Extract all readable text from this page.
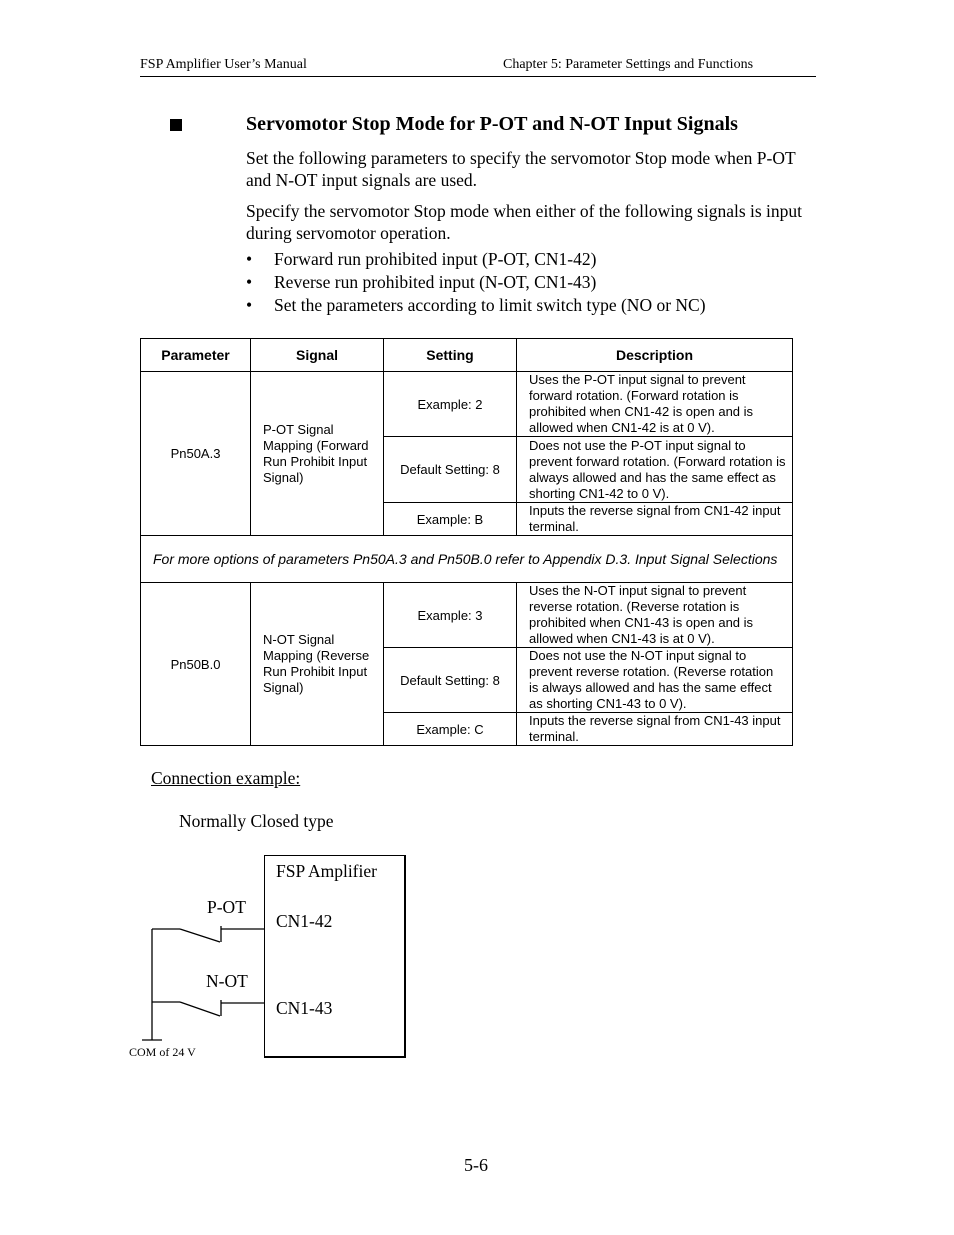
FSP Amplifier User’s Manual	Chapter 5: Parameter Settings and Functions
Servomotor Stop Mode for P-OT and N-OT Input Signals
Set the following parameters to specify the servomotor Stop mode when P-OT and N-OT input signals are used.
Specify the servomotor Stop mode when either of the following signals is input during servomotor operation.
• Forward run prohibited input (P-OT, CN1-42)
• Reverse run prohibited input (N-OT, CN1-43)
• Set the parameters according to limit switch type (NO or NC)
Parameter	Signal	Setting	Description
Pn50A.3	P-OT Signal Mapping (Forward Run Prohibit Input Signal)	Example: 2	Uses the P-OT input signal to prevent forward rotation. (Forward rotation is prohibited when CN1-42 is open and is allowed when CN1-42 is at 0 V).
		Default Setting: 8	Does not use the P-OT input signal to prevent forward rotation. (Forward rotation is always allowed and has the same effect as shorting CN1-42 to 0 V).
		Example: B	Inputs the reverse signal from CN1-42 input terminal.
For more options of parameters Pn50A.3 and Pn50B.0 refer to Appendix D.3. Input Signal Selections			
Pn50B.0	N-OT Signal Mapping (Reverse Run Prohibit Input Signal)	Example: 3	Uses the N-OT input signal to prevent reverse rotation. (Reverse rotation is prohibited when CN1-43 is open and is allowed when CN1-43 is at 0 V).
		Default Setting: 8	Does not use the N-OT input signal to prevent reverse rotation. (Reverse rotation is always allowed and has the same effect as shorting CN1-43 to 0 V).
		Example: C	Inputs the reverse signal from CN1-43 input terminal.
Connection example:
Normally Closed type
FSP Amplifier
CN1-42
CN1-43
P-OT
N-OT
COM of 24 V
5-6
